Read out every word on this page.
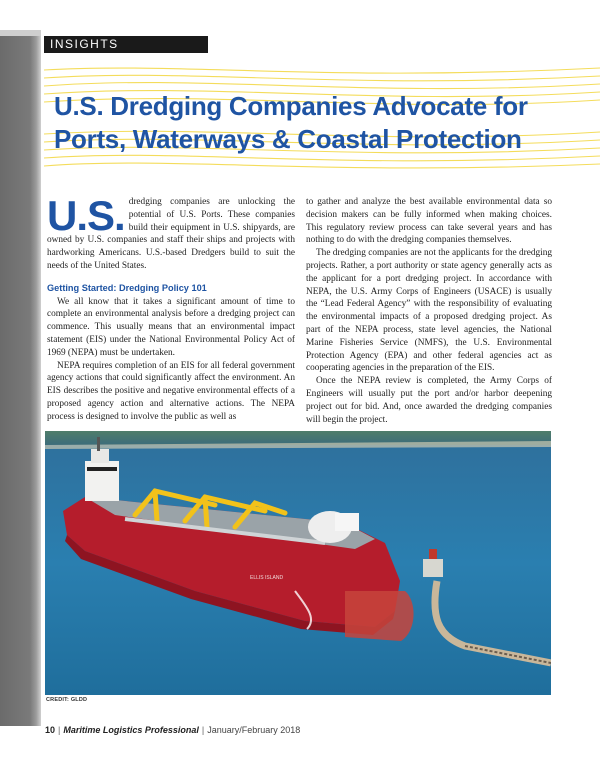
INSIGHTS
U.S. Dredging Companies Advocate for
Ports, Waterways & Coastal Protection

U.S. dredging companies are unlocking the potential of U.S. Ports. These companies build their equipment in U.S. shipyards, are owned by U.S. companies and staff their ships and projects with hardworking Americans. U.S.-based Dredgers build to suit the needs of the United States.

Getting Started: Dredging Policy 101

We all know that it takes a significant amount of time to complete an environmental analysis before a dredging project can commence. This usually means that an environmental impact statement (EIS) under the National Environmental Policy Act of 1969 (NEPA) must be undertaken.

NEPA requires completion of an EIS for all federal government agency actions that could significantly affect the environment. An EIS describes the positive and negative environmental effects of a proposed agency action and alternative actions. The NEPA process is designed to involve the public as well as

to gather and analyze the best available environmental data so decision makers can be fully informed when making choices. This regulatory review process can take several years and has nothing to do with the dredging companies themselves.

The dredging companies are not the applicants for the dredging projects. Rather, a port authority or state agency generally acts as the applicant for a port dredging project. In accordance with NEPA, the U.S. Army Corps of Engineers (USACE) is usually the “Lead Federal Agency” with the responsibility of evaluating the environmental impacts of a proposed dredging project. As part of the NEPA process, state level agencies, the National Marine Fisheries Service (NMFS), the U.S. Environmental Protection Agency (EPA) and other federal agencies act as cooperating agencies in the preparation of the EIS.

Once the NEPA review is completed, the Army Corps of Engineers will usually put the port and/or harbor deepening project out for bid. And, once awarded the dredging companies will begin the project.

ELLIS ISLAND
CREDIT: GLDD
10 | Maritime Logistics Professional | January/February 2018
